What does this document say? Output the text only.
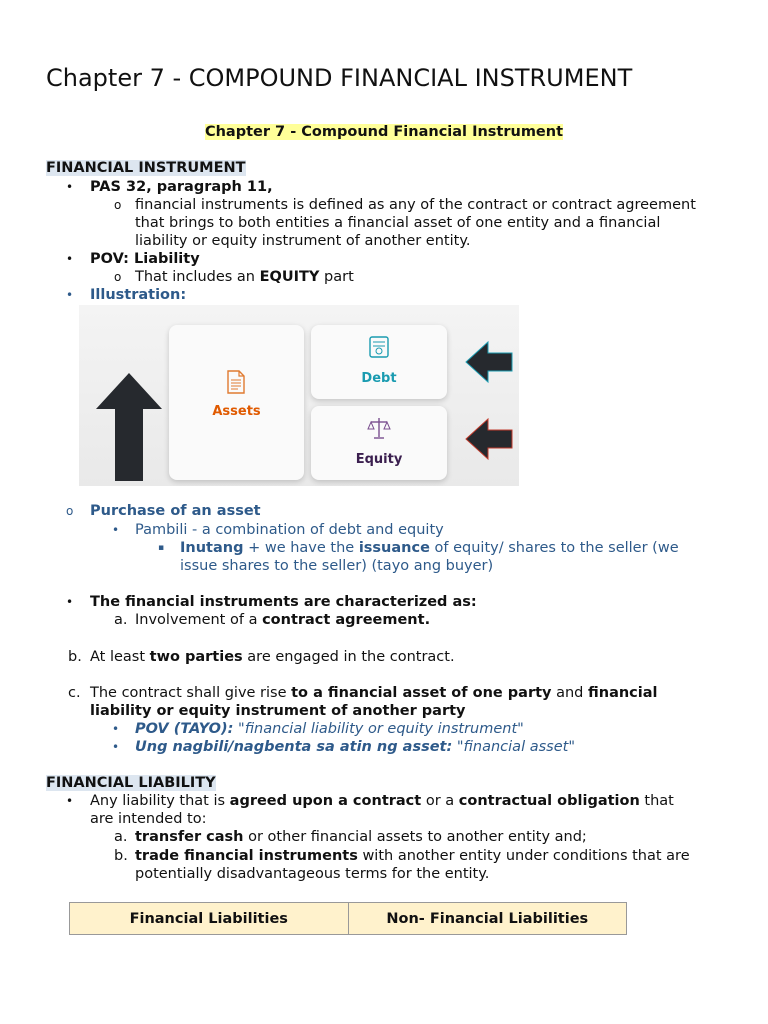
Chapter 7 - COMPOUND FINANCIAL INSTRUMENT
Chapter 7 - Compound Financial Instrument
FINANCIAL INSTRUMENT
• PAS 32, paragraph 11,
o financial instruments is defined as any of the contract or contract agreement
that brings to both entities a financial asset of one entity and a financial
liability or equity instrument of another entity.
• POV: Liability
o That includes an EQUITY part
• Illustration:
Assets
Debt
Equity
o Purchase of an asset
• Pambili - a combination of debt and equity
▪ Inutang + we have the issuance of equity/ shares to the seller (we
issue shares to the seller) (tayo ang buyer)
• The financial instruments are characterized as:
a. Involvement of a contract agreement.
b. At least two parties are engaged in the contract.
c. The contract shall give rise to a financial asset of one party and financial
liability or equity instrument of another party
• POV (TAYO): "financial liability or equity instrument"
• Ung nagbili/nagbenta sa atin ng asset: "financial asset"
FINANCIAL LIABILITY
• Any liability that is agreed upon a contract or a contractual obligation that
are intended to:
a. transfer cash or other financial assets to another entity and;
b. trade financial instruments with another entity under conditions that are
potentially disadvantageous terms for the entity.
Financial Liabilities	Non- Financial Liabilities
